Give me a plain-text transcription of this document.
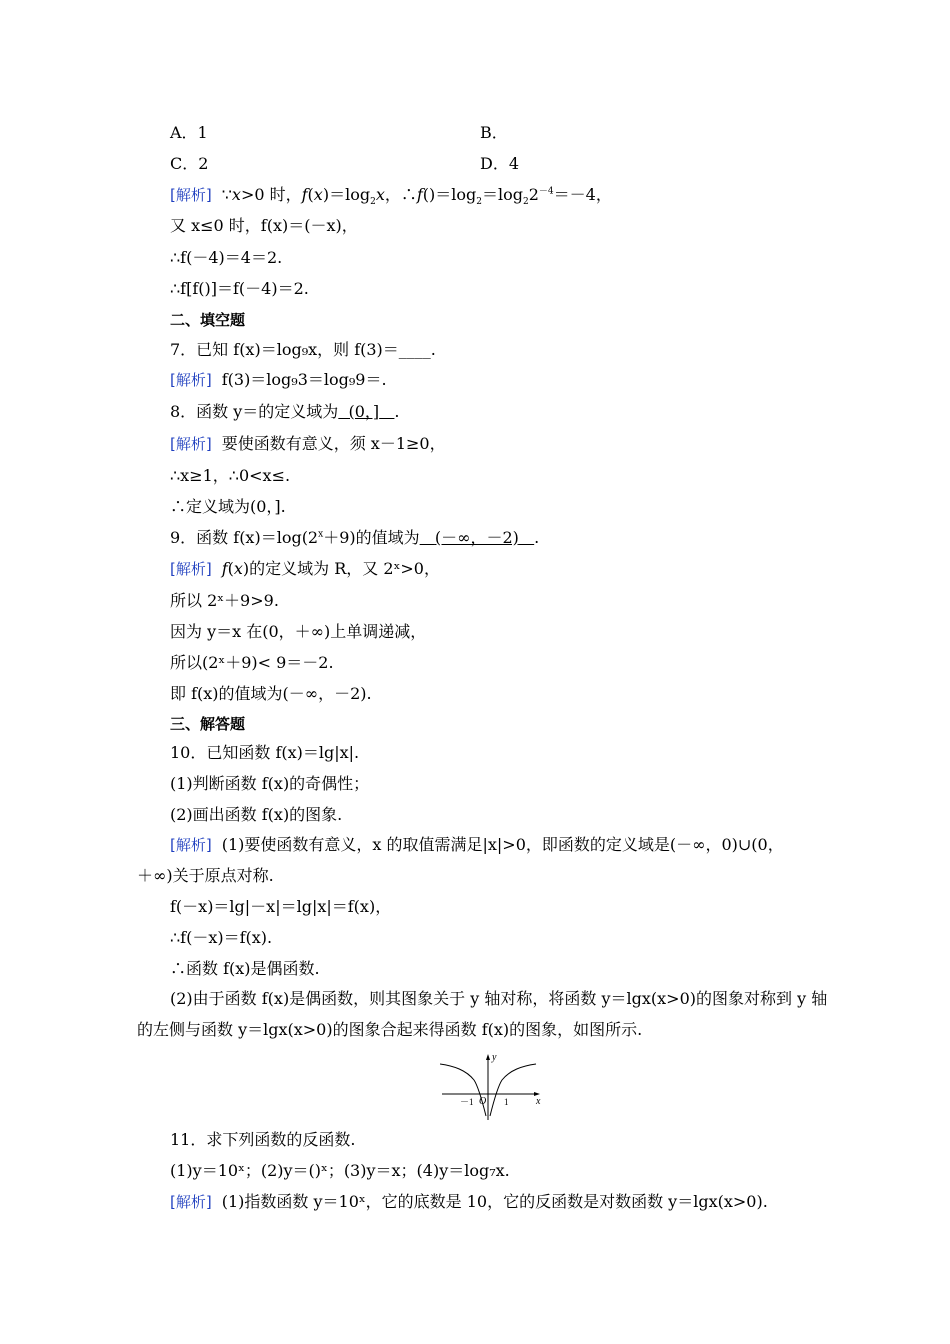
A．1	B．
C．2	D．4
[解析] ∵x>0 时，$f(x)=\log_2x$，$\therefore f()=\log_2=\log_22^{-4}=-4$，
又 x≤0 时，f(x)＝(－x)，
∴f(－4)＝4＝2.
∴f[f()]＝f(－4)＝2.
二、填空题
7．已知 f(x)＝log₉x，则 f(3)＝____.
[解析] f(3)＝log₉3＝log₉9＝.
8．函数 y＝的定义域为 (0，] .
[解析] 要使函数有意义，须 x－1≥0，
∴x≥1，∴0<x≤.
∴定义域为(0，].
9．函数 $f(x)=\log(2^x+9)$的值域为 (－∞，－2) .
[解析] f(x)的定义域为 R，又 2ˣ>0，
所以 2ˣ＋9>9.
因为 y＝x 在(0，＋∞)上单调递减，
所以(2ˣ＋9)< 9＝－2.
即 f(x)的值域为(－∞，－2).
三、解答题
10．已知函数 f(x)＝lg|x|.
(1)判断函数 f(x)的奇偶性；
(2)画出函数 f(x)的图象.
[解析] (1)要使函数有意义，x 的取值需满足|x|>0，即函数的定义域是(－∞，0)∪(0，
＋∞)关于原点对称.
f(－x)＝lg|－x|＝lg|x|＝f(x)，
∴f(－x)＝f(x).
∴函数 f(x)是偶函数.
(2)由于函数 f(x)是偶函数，则其图象关于 y 轴对称，将函数 y＝lgx(x>0)的图象对称到 y 轴
的左侧与函数 y＝lgx(x>0)的图象合起来得函数 f(x)的图象，如图所示.
y
x
O
－1	1
11．求下列函数的反函数.
(1)y＝10ˣ；(2)y＝()ˣ；(3)y＝x；(4)y＝log₇x.
[解析] (1)指数函数 y＝10ˣ，它的底数是 10，它的反函数是对数函数 y＝lgx(x>0).
